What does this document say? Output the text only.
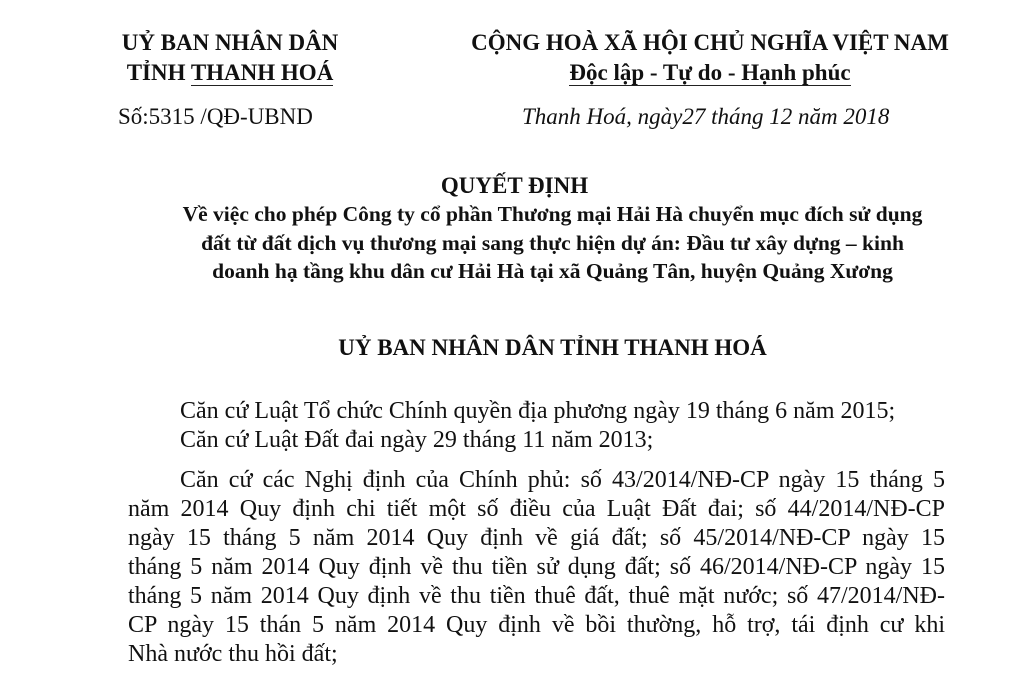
UỶ BAN NHÂN DÂN
TỈNH THANH HOÁ
Số:5315 /QĐ-UBND
CỘNG HOÀ XÃ HỘI CHỦ NGHĨA VIỆT NAM
Độc lập - Tự do - Hạnh phúc
Thanh Hoá, ngày27 tháng 12 năm 2018
QUYẾT ĐỊNH
Về việc cho phép Công ty cổ phần Thương mại Hải Hà chuyển mục đích sử dụng
đất từ đất dịch vụ thương mại sang thực hiện dự án: Đầu tư xây dựng – kinh
doanh hạ tầng khu dân cư Hải Hà tại xã Quảng Tân, huyện Quảng Xương
UỶ BAN NHÂN DÂN TỈNH THANH HOÁ
Căn cứ Luật Tổ chức Chính quyền địa phương ngày 19 tháng 6 năm 2015;
Căn cứ Luật Đất đai ngày 29 tháng 11 năm 2013;
Căn cứ các Nghị định của Chính phủ: số 43/2014/NĐ-CP ngày 15 tháng 5
năm 2014 Quy định chi tiết một số điều của Luật Đất đai; số 44/2014/NĐ-CP
ngày 15 tháng 5 năm 2014 Quy định về giá đất; số 45/2014/NĐ-CP ngày 15
tháng 5 năm 2014 Quy định về thu tiền sử dụng đất; số 46/2014/NĐ-CP ngày 15
tháng 5 năm 2014 Quy định về thu tiền thuê đất, thuê mặt nước; số 47/2014/NĐ-
CP ngày 15 thán 5 năm 2014 Quy định về bồi thường, hỗ trợ, tái định cư khi
Nhà nước thu hồi đất;
